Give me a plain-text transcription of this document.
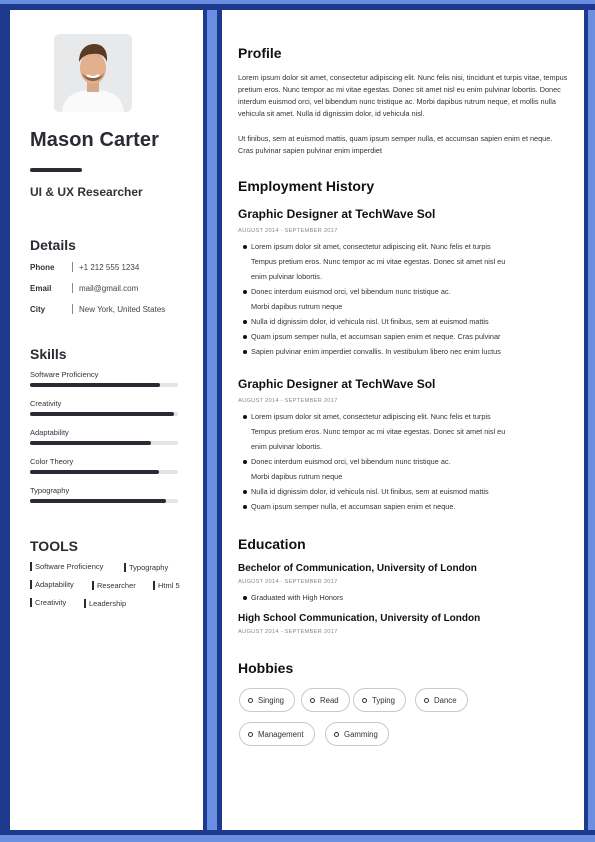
Mason Carter
UI & UX Researcher
Details
Phone	+1 212 555 1234
Email	mail@gmail.com
City	New York, United States
Skills
Software Proficiency
Creativity
Adaptability
Color Theory
Typography
TOOLS
Software Proficiency	Typography
Adaptability	Researcher	Html 5
Creativity	Leadership
Profile
Lorem ipsum dolor sit amet, consectetur adipiscing elit. Nunc felis nisi, tincidunt et turpis vitae, tempus pretium eros. Nunc tempor ac mi vitae egestas. Donec sit amet nisl eu enim pulvinar lobortis. Donec interdum euismod orci, vel bibendum nunc tristique ac. Morbi dapibus rutrum neque, et mollis nulla vehicula sit amet. Nulla id dignissim dolor, id vehicula nisl.
Ut finibus, sem at euismod mattis, quam ipsum semper nulla, et accumsan sapien enim et neque. Cras pulvinar sapien pulvinar enim imperdiet
Employment History
Graphic Designer at TechWave Sol
AUGUST 2014 - SEPTEMBER 2017
Lorem ipsum dolor sit amet, consectetur adipiscing elit. Nunc felis et turpis
Tempus pretium eros. Nunc tempor ac mi vitae egestas. Donec sit amet nisl eu
enim pulvinar lobortis.
Donec interdum euismod orci, vel bibendum nunc tristique ac.
Morbi dapibus rutrum neque
Nulla id dignissim dolor, id vehicula nisl. Ut finibus, sem at euismod mattis
Quam ipsum semper nulla, et accumsan sapien enim et neque. Cras pulvinar
Sapien pulvinar enim imperdiet convallis. In vestibulum libero nec enim luctus
Graphic Designer at TechWave Sol
AUGUST 2014 - SEPTEMBER 2017
Lorem ipsum dolor sit amet, consectetur adipiscing elit. Nunc felis et turpis
Tempus pretium eros. Nunc tempor ac mi vitae egestas. Donec sit amet nisl eu
enim pulvinar lobortis.
Donec interdum euismod orci, vel bibendum nunc tristique ac.
Morbi dapibus rutrum neque
Nulla id dignissim dolor, id vehicula nisl. Ut finibus, sem at euismod mattis
Quam ipsum semper nulla, et accumsan sapien enim et neque.
Education
Bechelor of Communication, University of London
AUGUST 2014 - SEPTEMBER 2017
Graduated with High Honors
High School Communication, University of London
AUGUST 2014 - SEPTEMBER 2017
Hobbies
Singing	Read	Typing	Dance
Management	Gamming
